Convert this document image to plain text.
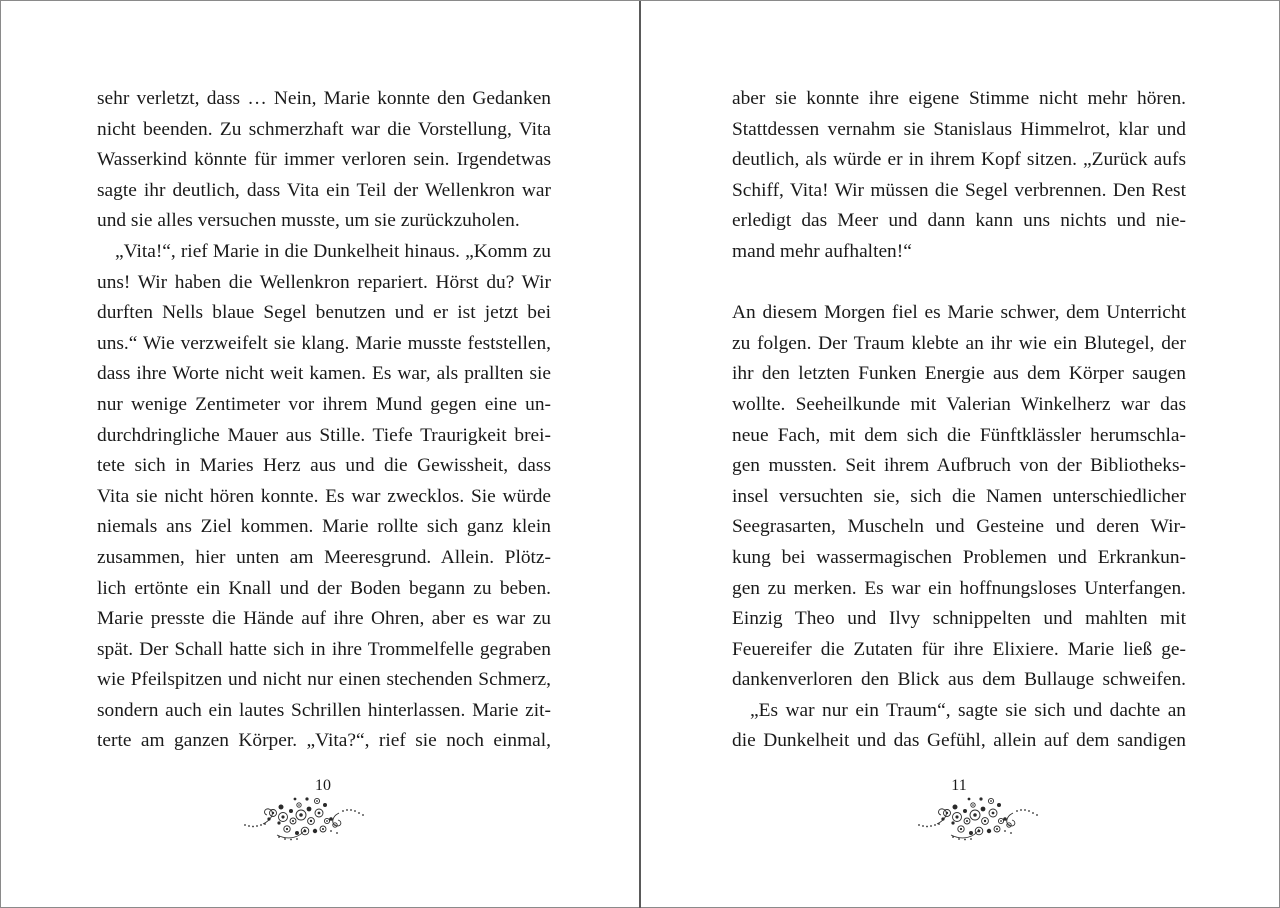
sehr verletzt, dass … Nein, Marie konnte den Gedanken
nicht beenden. Zu schmerzhaft war die Vorstellung, Vita
Wasserkind könnte für immer verloren sein. Irgendetwas
sagte ihr deutlich, dass Vita ein Teil der Wellenkron war
und sie alles versuchen musste, um sie zurückzuholen.
„Vita!“, rief Marie in die Dunkelheit hinaus. „Komm zu
uns! Wir haben die Wellenkron repariert. Hörst du? Wir
durften Nells blaue Segel benutzen und er ist jetzt bei
uns.“ Wie verzweifelt sie klang. Marie musste feststellen,
dass ihre Worte nicht weit kamen. Es war, als prallten sie
nur wenige Zentimeter vor ihrem Mund gegen eine un-
durchdringliche Mauer aus Stille. Tiefe Traurigkeit brei-
tete sich in Maries Herz aus und die Gewissheit, dass
Vita sie nicht hören konnte. Es war zwecklos. Sie würde
niemals ans Ziel kommen. Marie rollte sich ganz klein
zusammen, hier unten am Meeresgrund. Allein. Plötz-
lich ertönte ein Knall und der Boden begann zu beben.
Marie presste die Hände auf ihre Ohren, aber es war zu
spät. Der Schall hatte sich in ihre Trommelfelle gegraben
wie Pfeilspitzen und nicht nur einen stechenden Schmerz,
sondern auch ein lautes Schrillen hinterlassen. Marie zit-
terte am ganzen Körper. „Vita?“, rief sie noch einmal,
10
aber sie konnte ihre eigene Stimme nicht mehr hören.
Stattdessen vernahm sie Stanislaus Himmelrot, klar und
deutlich, als würde er in ihrem Kopf sitzen. „Zurück aufs
Schiff, Vita! Wir müssen die Segel verbrennen. Den Rest
erledigt das Meer und dann kann uns nichts und nie-
mand mehr aufhalten!“
An diesem Morgen fiel es Marie schwer, dem Unterricht
zu folgen. Der Traum klebte an ihr wie ein Blutegel, der
ihr den letzten Funken Energie aus dem Körper saugen
wollte. Seeheilkunde mit Valerian Winkelherz war das
neue Fach, mit dem sich die Fünftklässler herumschla-
gen mussten. Seit ihrem Aufbruch von der Bibliotheks-
insel versuchten sie, sich die Namen unterschiedlicher
Seegrasarten, Muscheln und Gesteine und deren Wir-
kung bei wassermagischen Problemen und Erkrankun-
gen zu merken. Es war ein hoffnungsloses Unterfangen.
Einzig Theo und Ilvy schnippelten und mahlten mit
Feuereifer die Zutaten für ihre Elixiere. Marie ließ ge-
dankenverloren den Blick aus dem Bullauge schweifen.
„Es war nur ein Traum“, sagte sie sich und dachte an
die Dunkelheit und das Gefühl, allein auf dem sandigen
11
